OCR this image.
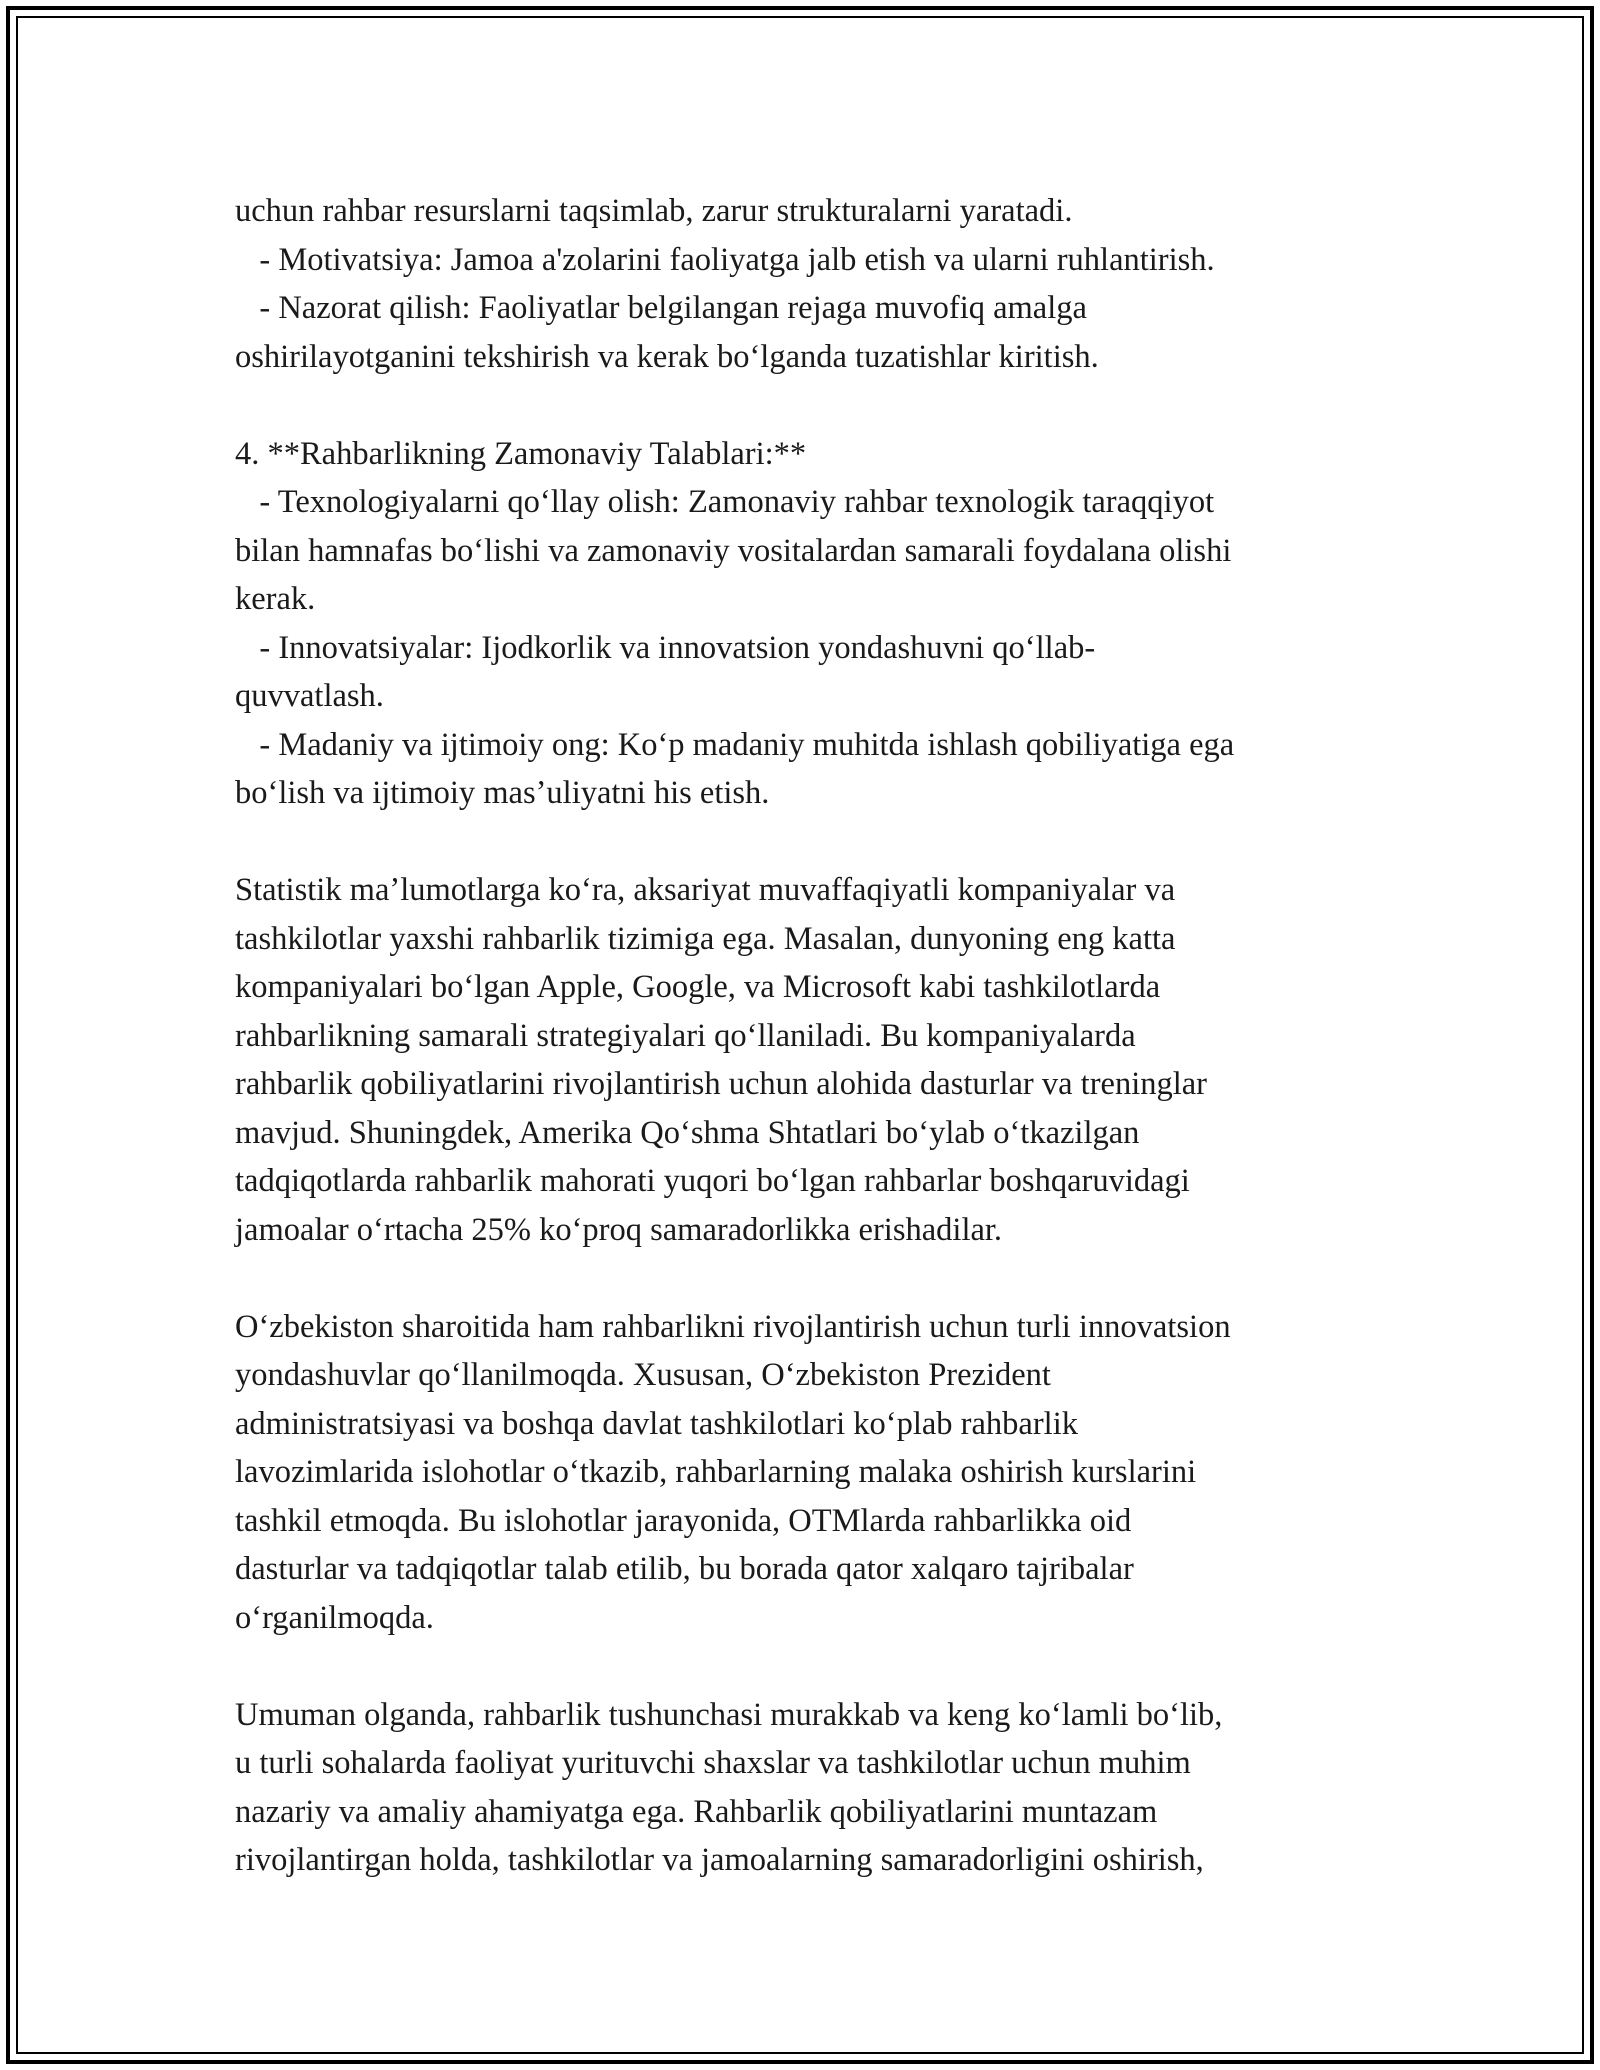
uchun rahbar resurslarni taqsimlab, zarur strukturalarni yaratadi.
- Motivatsiya: Jamoa a'zolarini faoliyatga jalb etish va ularni ruhlantirish.
- Nazorat qilish: Faoliyatlar belgilangan rejaga muvofiq amalga
oshirilayotganini tekshirish va kerak boʻlganda tuzatishlar kiritish.
4. **Rahbarlikning Zamonaviy Talablari:**
- Texnologiyalarni qoʻllay olish: Zamonaviy rahbar texnologik taraqqiyot
bilan hamnafas boʻlishi va zamonaviy vositalardan samarali foydalana olishi
kerak.
- Innovatsiyalar: Ijodkorlik va innovatsion yondashuvni qoʻllab-
quvvatlash.
- Madaniy va ijtimoiy ong: Koʻp madaniy muhitda ishlash qobiliyatiga ega
boʻlish va ijtimoiy masʼuliyatni his etish.
Statistik maʼlumotlarga koʻra, aksariyat muvaffaqiyatli kompaniyalar va
tashkilotlar yaxshi rahbarlik tizimiga ega. Masalan, dunyoning eng katta
kompaniyalari boʻlgan Apple, Google, va Microsoft kabi tashkilotlarda
rahbarlikning samarali strategiyalari qoʻllaniladi. Bu kompaniyalarda
rahbarlik qobiliyatlarini rivojlantirish uchun alohida dasturlar va treninglar
mavjud. Shuningdek, Amerika Qoʻshma Shtatlari boʻylab oʻtkazilgan
tadqiqotlarda rahbarlik mahorati yuqori boʻlgan rahbarlar boshqaruvidagi
jamoalar oʻrtacha 25% koʻproq samaradorlikka erishadilar.
Oʻzbekiston sharoitida ham rahbarlikni rivojlantirish uchun turli innovatsion
yondashuvlar qoʻllanilmoqda. Xususan, Oʻzbekiston Prezident
administratsiyasi va boshqa davlat tashkilotlari koʻplab rahbarlik
lavozimlarida islohotlar oʻtkazib, rahbarlarning malaka oshirish kurslarini
tashkil etmoqda. Bu islohotlar jarayonida, OTMlarda rahbarlikka oid
dasturlar va tadqiqotlar talab etilib, bu borada qator xalqaro tajribalar
oʻrganilmoqda.
Umuman olganda, rahbarlik tushunchasi murakkab va keng koʻlamli boʻlib,
u turli sohalarda faoliyat yurituvchi shaxslar va tashkilotlar uchun muhim
nazariy va amaliy ahamiyatga ega. Rahbarlik qobiliyatlarini muntazam
rivojlantirgan holda, tashkilotlar va jamoalarning samaradorligini oshirish,
